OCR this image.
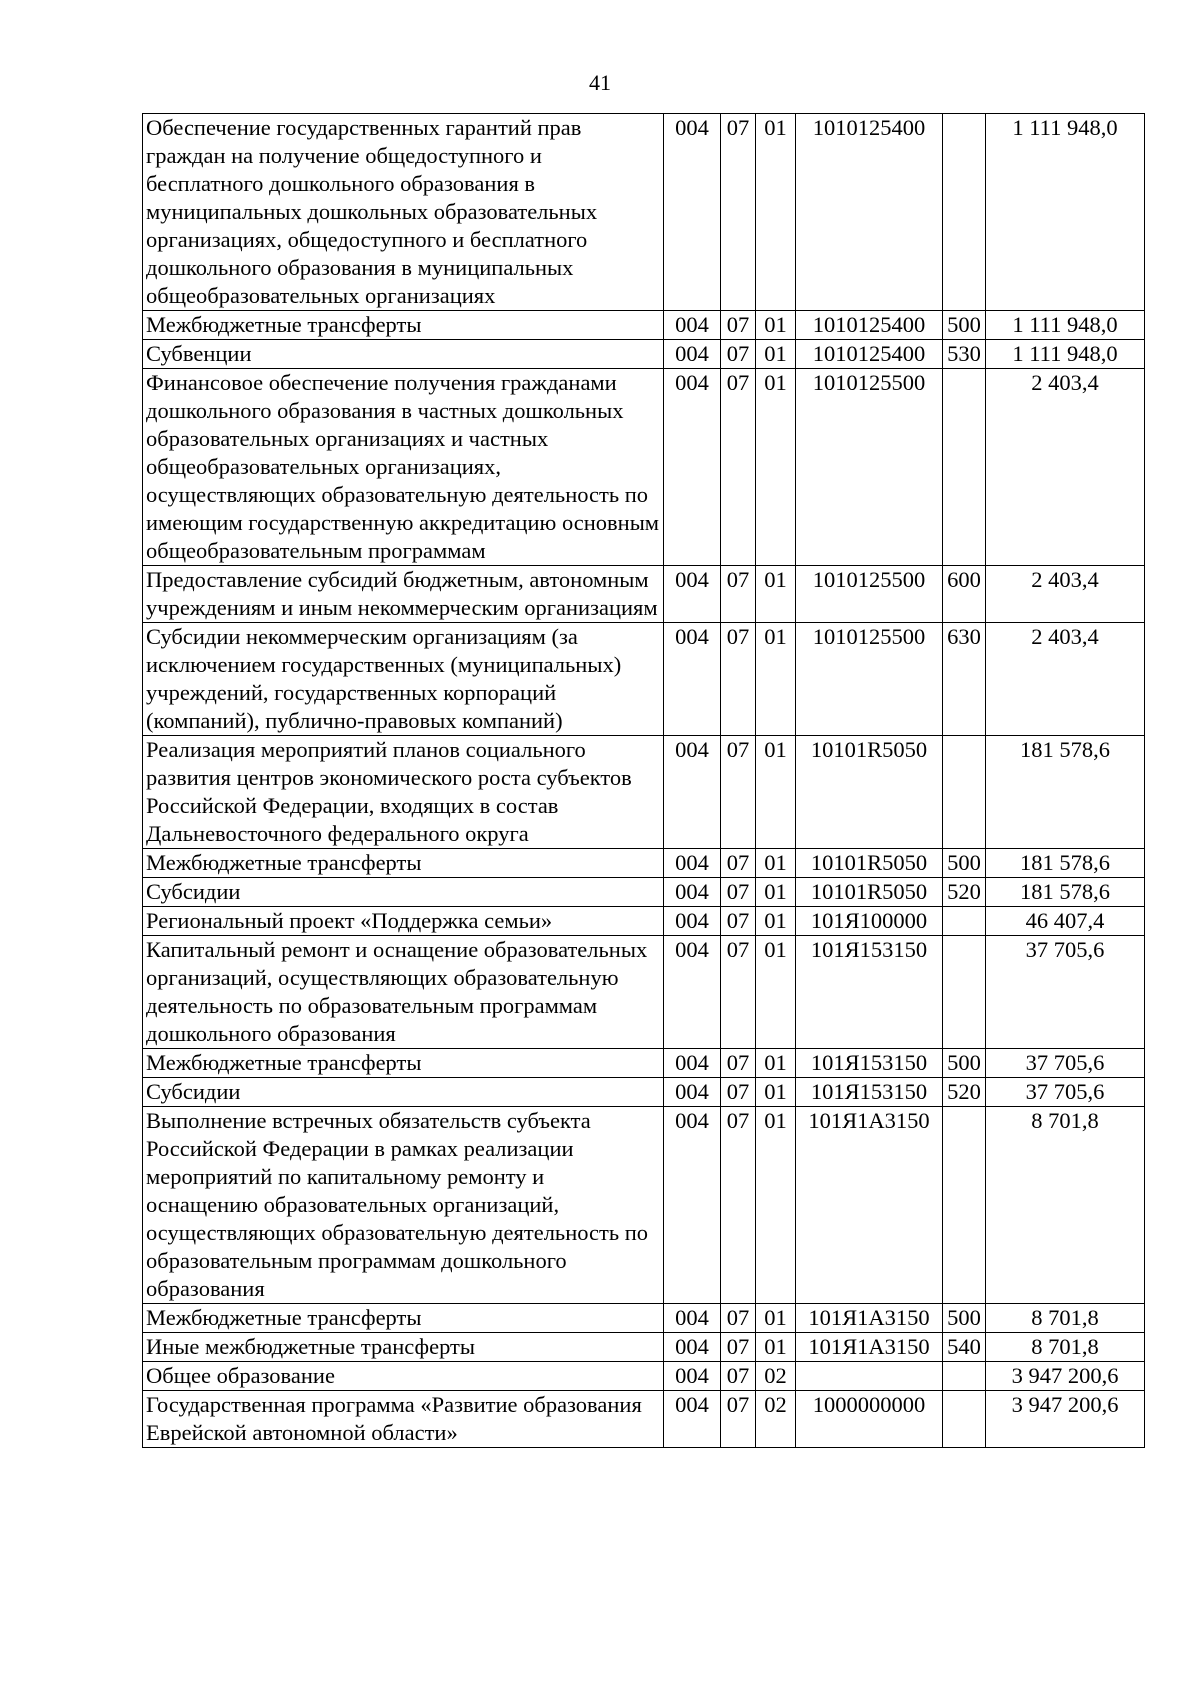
41
Обеспечение государственных гарантий прав граждан на получение общедоступного и бесплатного дошкольного образования в муниципальных дошкольных образовательных организациях, общедоступного и бесплатного дошкольного образования в муниципальных общеобразовательных организациях	004	07	01	1010125400		1 111 948,0
Межбюджетные трансферты	004	07	01	1010125400	500	1 111 948,0
Субвенции	004	07	01	1010125400	530	1 111 948,0
Финансовое обеспечение получения гражданами дошкольного образования в частных дошкольных образовательных организациях и частных общеобразовательных организациях, осуществляющих образовательную деятельность по имеющим государственную аккредитацию основным общеобразовательным программам	004	07	01	1010125500		2 403,4
Предоставление субсидий бюджетным, автономным учреждениям и иным некоммерческим организациям	004	07	01	1010125500	600	2 403,4
Субсидии некоммерческим организациям (за исключением государственных (муниципальных) учреждений, государственных корпораций (компаний), публично-правовых компаний)	004	07	01	1010125500	630	2 403,4
Реализация мероприятий планов социального развития центров экономического роста субъектов Российской Федерации, входящих в состав Дальневосточного федерального округа	004	07	01	10101R5050		181 578,6
Межбюджетные трансферты	004	07	01	10101R5050	500	181 578,6
Субсидии	004	07	01	10101R5050	520	181 578,6
Региональный проект «Поддержка семьи»	004	07	01	101Я100000		46 407,4
Капитальный ремонт и оснащение образовательных организаций, осуществляющих образовательную деятельность по образовательным программам дошкольного образования	004	07	01	101Я153150		37 705,6
Межбюджетные трансферты	004	07	01	101Я153150	500	37 705,6
Субсидии	004	07	01	101Я153150	520	37 705,6
Выполнение встречных обязательств субъекта Российской Федерации в рамках реализации мероприятий по капитальному ремонту и оснащению образовательных организаций, осуществляющих образовательную деятельность по образовательным программам дошкольного образования	004	07	01	101Я1А3150		8 701,8
Межбюджетные трансферты	004	07	01	101Я1А3150	500	8 701,8
Иные межбюджетные трансферты	004	07	01	101Я1А3150	540	8 701,8
Общее образование	004	07	02			3 947 200,6
Государственная программа «Развитие образования Еврейской автономной области»	004	07	02	1000000000		3 947 200,6
